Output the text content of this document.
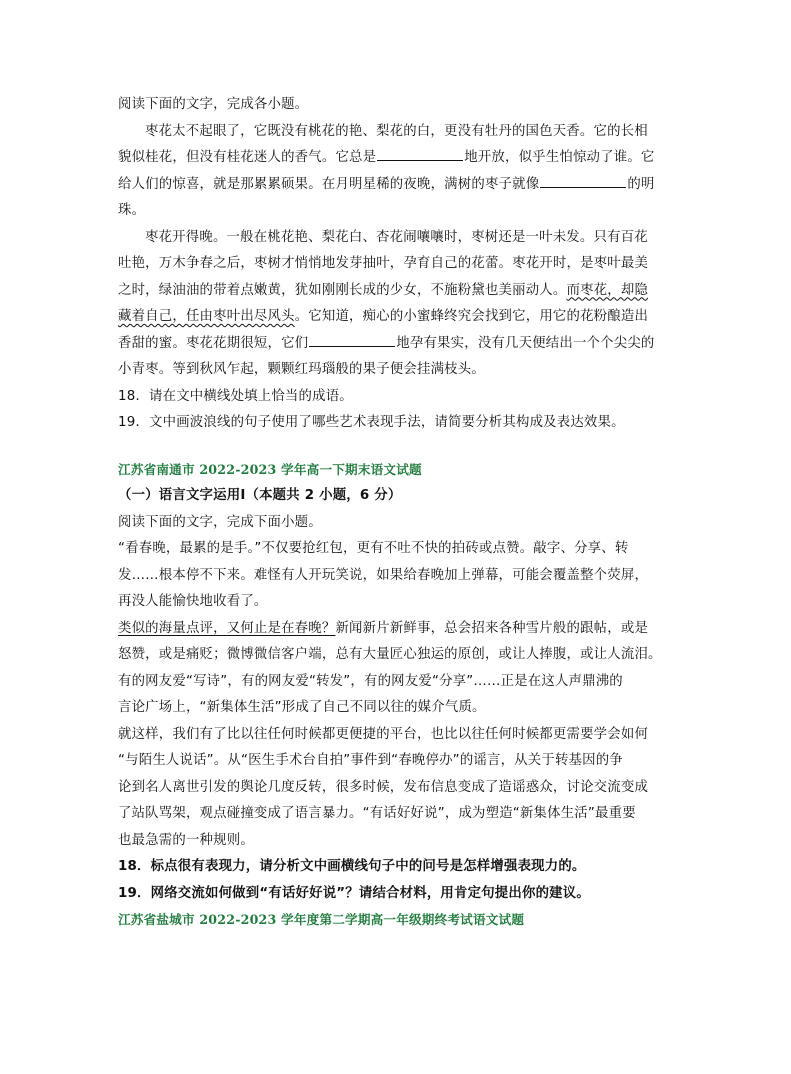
阅读下面的文字，完成各小题。

枣花太不起眼了，它既没有桃花的艳、梨花的白，更没有牡丹的国色天香。它的长相

貌似桂花，但没有桂花迷人的香气。它总是	地开放，似乎生怕惊动了谁。它

给人们的惊喜，就是那累累硕果。在月明星稀的夜晚，满树的枣子就像	的明

珠。

枣花开得晚。一般在桃花艳、梨花白、杏花闹嚷嚷时，枣树还是一叶未发。只有百花

吐艳，万木争春之后，枣树才悄悄地发芽抽叶，孕育自己的花蕾。枣花开时，是枣叶最美

之时，绿油油的带着点嫩黄，犹如刚刚长成的少女，不施粉黛也美丽动人。而枣花，却隐

藏着自己，任由枣叶出尽风头。它知道，痴心的小蜜蜂终究会找到它，用它的花粉酿造出

香甜的蜜。枣花花期很短，它们	地孕有果实，没有几天便结出一个个尖尖的

小青枣。等到秋风乍起，颗颗红玛瑙般的果子便会挂满枝头。

18．请在文中横线处填上恰当的成语。

19．文中画波浪线的句子使用了哪些艺术表现手法，请简要分析其构成及表达效果。

江苏省南通市 2022-2023 学年高一下期末语文试题

（一）语言文字运用Ⅰ（本题共 2 小题，6 分）

阅读下面的文字，完成下面小题。

“看春晚，最累的是手。”不仅要抢红包，更有不吐不快的拍砖或点赞。敲字、分享、转

发……根本停不下来。难怪有人开玩笑说，如果给春晚加上弹幕，可能会覆盖整个荧屏，

再没人能愉快地收看了。

类似的海量点评，又何止是在春晚？新闻新片新鲜事，总会招来各种雪片般的跟帖，或是

怒赞，或是痛贬；微博微信客户端，总有大量匠心独运的原创，或让人捧腹，或让人流泪。

有的网友爱“写诗”，有的网友爱“转发”，有的网友爱“分享”……正是在这人声鼎沸的

言论广场上，“新集体生活”形成了自己不同以往的媒介气质。

就这样，我们有了比以往任何时候都更便捷的平台，也比以往任何时候都更需要学会如何

“与陌生人说话”。从“医生手术台自拍”事件到“春晚停办”的谣言，从关于转基因的争

论到名人离世引发的舆论几度反转，很多时候，发布信息变成了造谣惑众，讨论交流变成

了站队骂架，观点碰撞变成了语言暴力。“有话好好说”，成为塑造“新集体生活”最重要

也最急需的一种规则。

18．标点很有表现力，请分析文中画横线句子中的问号是怎样增强表现力的。

19．网络交流如何做到“有话好好说”？请结合材料，用肯定句提出你的建议。

江苏省盐城市 2022-2023 学年度第二学期高一年级期终考试语文试题
